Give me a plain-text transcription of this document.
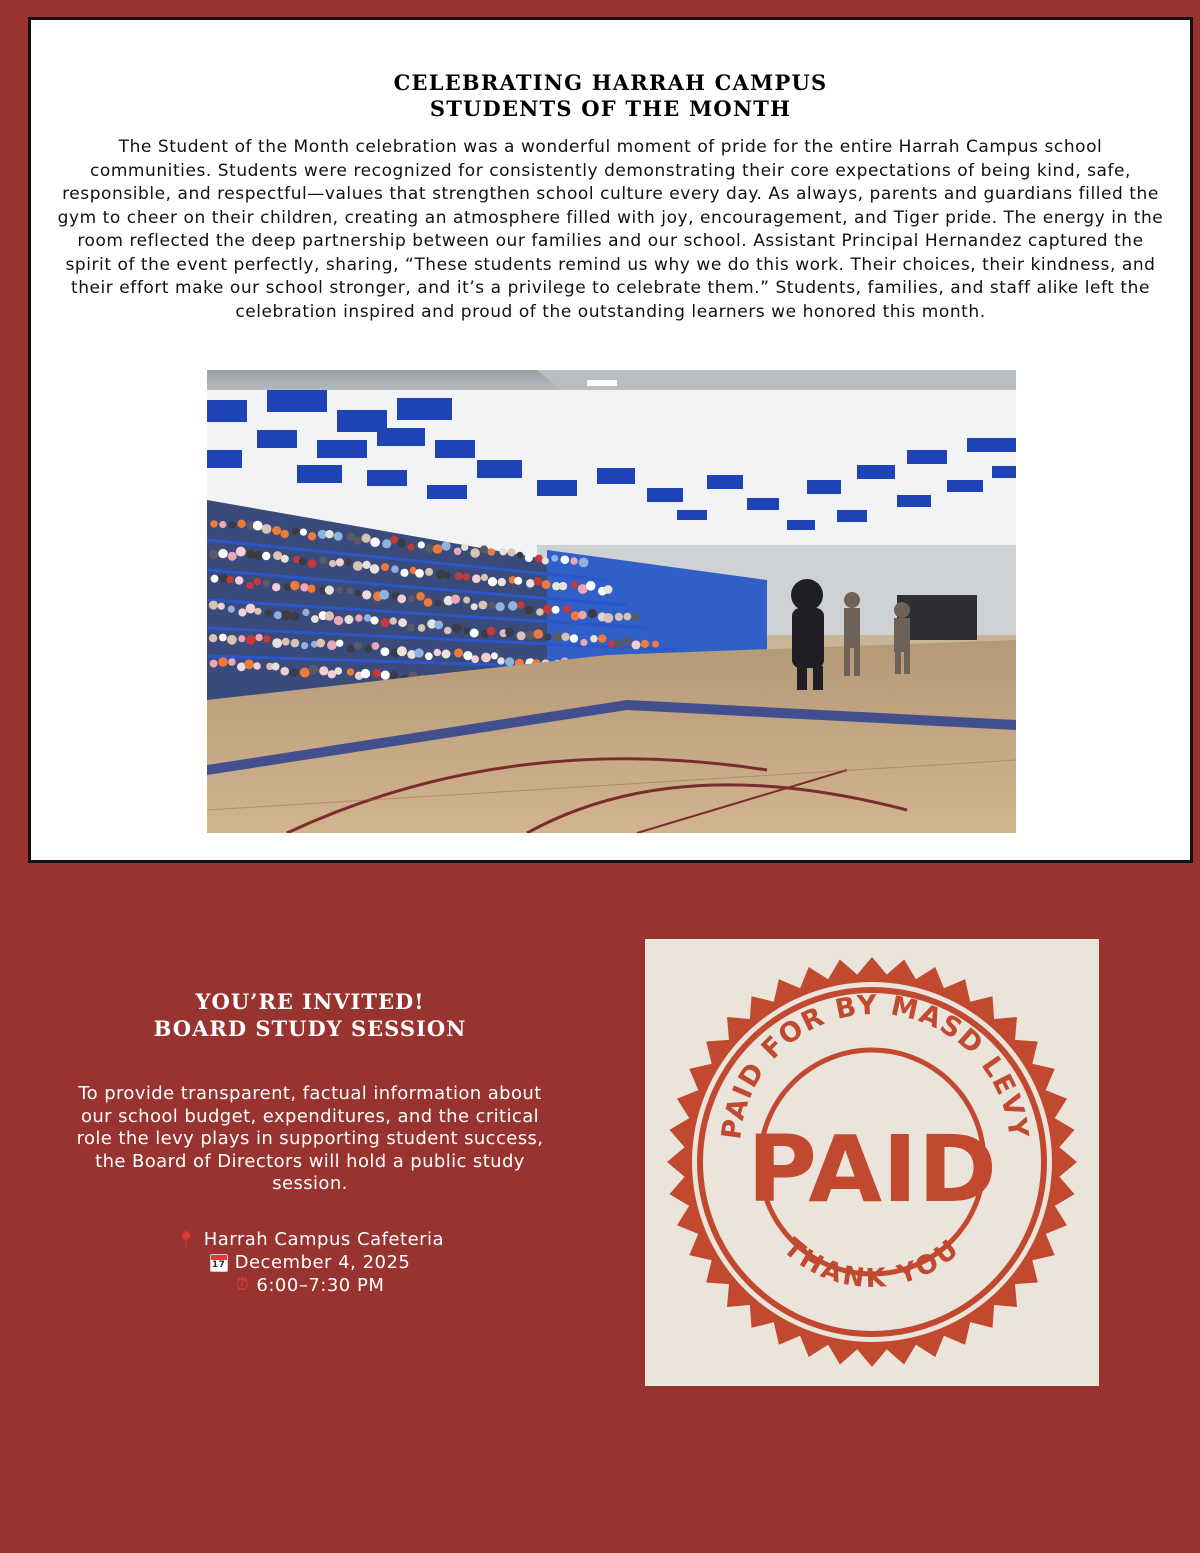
CELEBRATING HARRAH CAMPUS
STUDENTS OF THE MONTH

The Student of the Month celebration was a wonderful moment of pride for the entire Harrah Campus school communities. Students were recognized for consistently demonstrating their core expectations of being kind, safe, responsible, and respectful—values that strengthen school culture every day. As always, parents and guardians filled the gym to cheer on their children, creating an atmosphere filled with joy, encouragement, and Tiger pride. The energy in the room reflected the deep partnership between our families and our school. Assistant Principal Hernandez captured the spirit of the event perfectly, sharing, “These students remind us why we do this work. Their choices, their kindness, and their effort make our school stronger, and it’s a privilege to celebrate them.” Students, families, and staff alike left the celebration inspired and proud of the outstanding learners we honored this month.

YOU’RE INVITED!
BOARD STUDY SESSION

To provide transparent, factual information about our school budget, expenditures, and the critical role the levy plays in supporting student success, the Board of Directors will hold a public study session.

📍︎ Harrah Campus Cafeteria
17 December 4, 2025
⏰︎ 6:00–7:30 PM
PAID FOR BY MASD LEVY
PAID
THANK YOU
